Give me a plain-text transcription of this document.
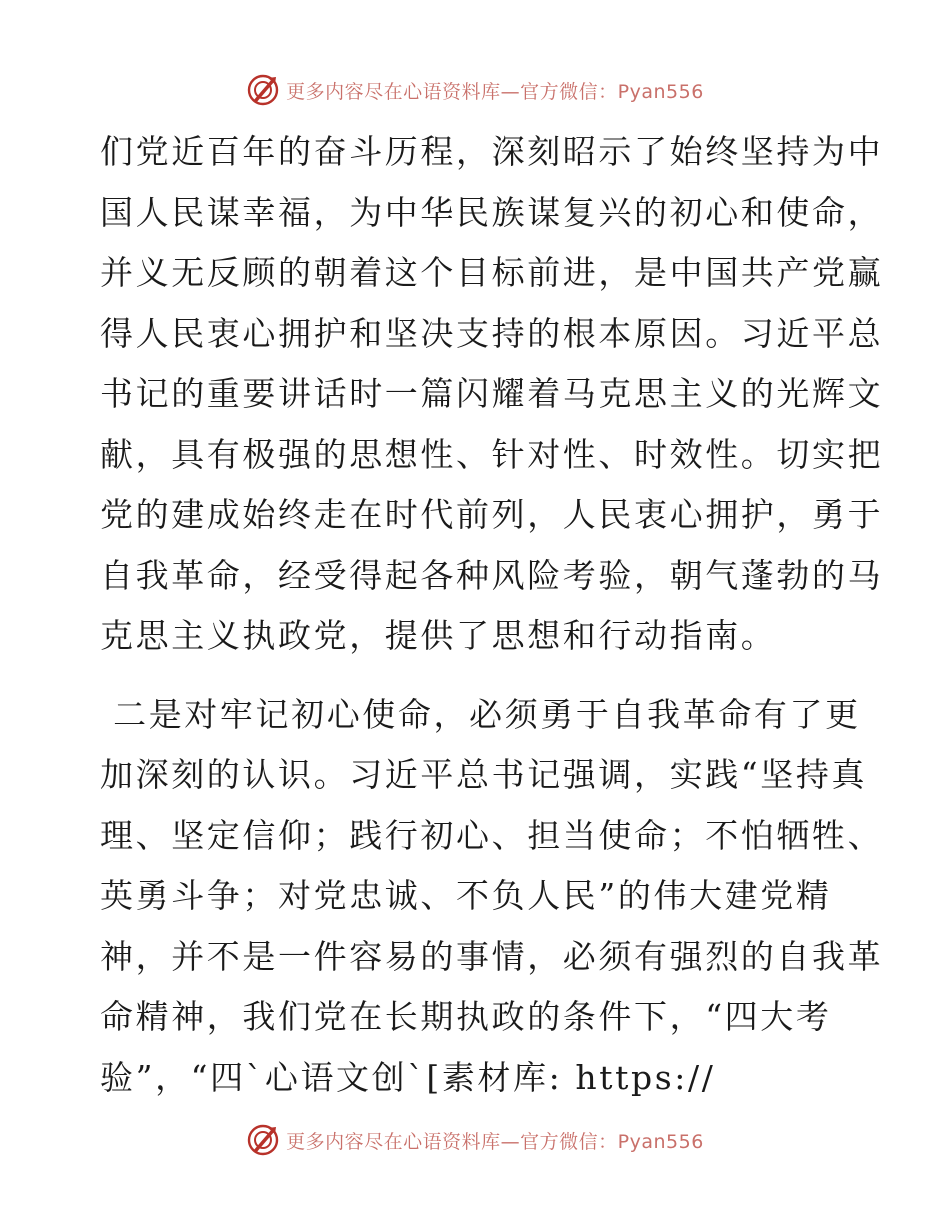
更多内容尽在心语资料库—官方微信：Pyan556

们党近百年的奋斗历程，深刻昭示了始终坚持为中
国人民谋幸福，为中华民族谋复兴的初心和使命，
并义无反顾的朝着这个目标前进，是中国共产党赢
得人民衷心拥护和坚决支持的根本原因。习近平总
书记的重要讲话时一篇闪耀着马克思主义的光辉文
献，具有极强的思想性、针对性、时效性。切实把
党的建成始终走在时代前列，人民衷心拥护，勇于
自我革命，经受得起各种风险考验，朝气蓬勃的马
克思主义执政党，提供了思想和行动指南。

二是对牢记初心使命，必须勇于自我革命有了更
加深刻的认识。习近平总书记强调，实践“坚持真
理、坚定信仰；践行初心、担当使命；不怕牺牲、
英勇斗争；对党忠诚、不负人民”的伟大建党精
神，并不是一件容易的事情，必须有强烈的自我革
命精神，我们党在长期执政的条件下，“四大考
验”，“四`心语文创`[素材库: https://

更多内容尽在心语资料库—官方微信：Pyan556
